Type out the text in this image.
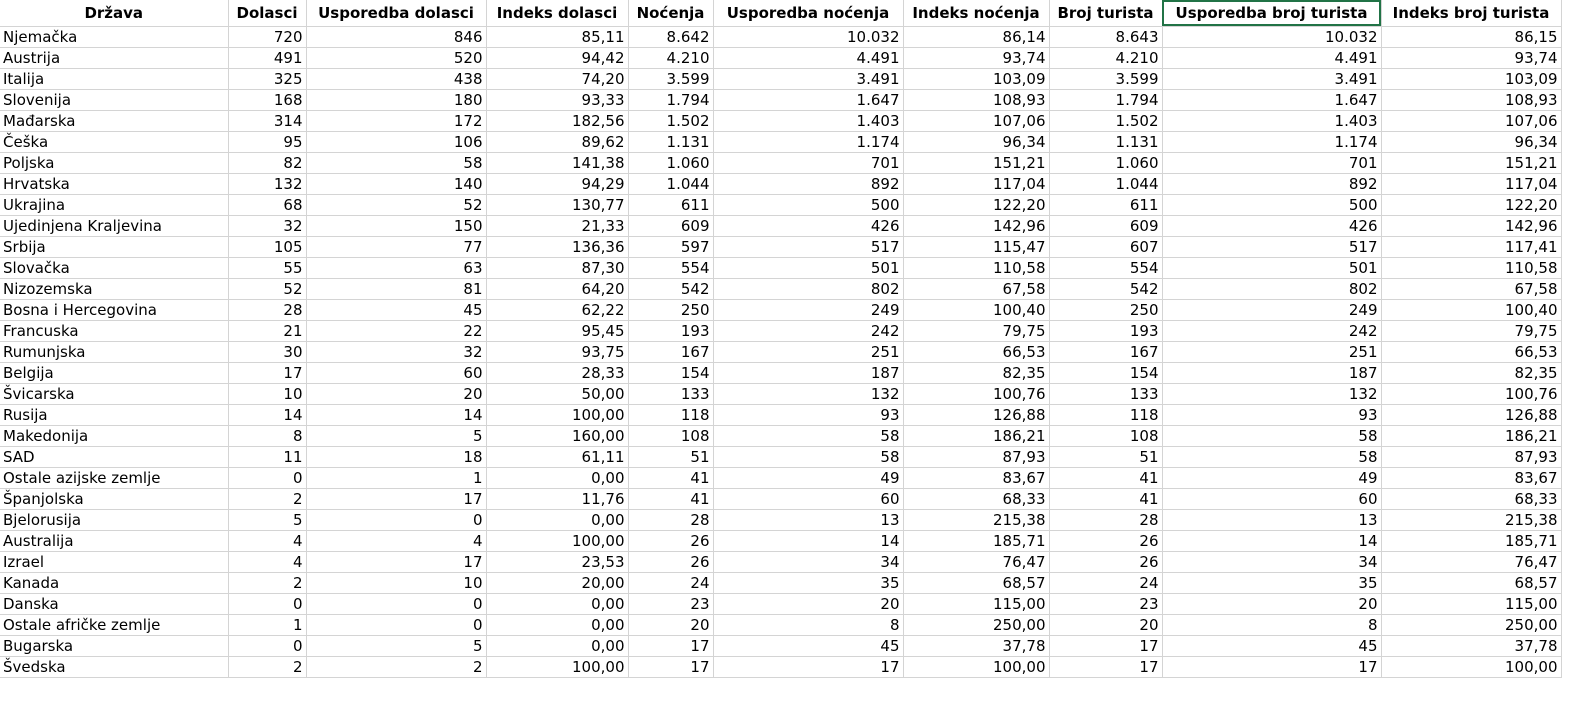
Država	Dolasci	Usporedba dolasci	Indeks dolasci	Noćenja	Usporedba noćenja	Indeks noćenja	Broj turista	Usporedba broj turista	Indeks broj turista
Njemačka	720	846	85,11	8.642	10.032	86,14	8.643	10.032	86,15
Austrija	491	520	94,42	4.210	4.491	93,74	4.210	4.491	93,74
Italija	325	438	74,20	3.599	3.491	103,09	3.599	3.491	103,09
Slovenija	168	180	93,33	1.794	1.647	108,93	1.794	1.647	108,93
Mađarska	314	172	182,56	1.502	1.403	107,06	1.502	1.403	107,06
Češka	95	106	89,62	1.131	1.174	96,34	1.131	1.174	96,34
Poljska	82	58	141,38	1.060	701	151,21	1.060	701	151,21
Hrvatska	132	140	94,29	1.044	892	117,04	1.044	892	117,04
Ukrajina	68	52	130,77	611	500	122,20	611	500	122,20
Ujedinjena Kraljevina	32	150	21,33	609	426	142,96	609	426	142,96
Srbija	105	77	136,36	597	517	115,47	607	517	117,41
Slovačka	55	63	87,30	554	501	110,58	554	501	110,58
Nizozemska	52	81	64,20	542	802	67,58	542	802	67,58
Bosna i Hercegovina	28	45	62,22	250	249	100,40	250	249	100,40
Francuska	21	22	95,45	193	242	79,75	193	242	79,75
Rumunjska	30	32	93,75	167	251	66,53	167	251	66,53
Belgija	17	60	28,33	154	187	82,35	154	187	82,35
Švicarska	10	20	50,00	133	132	100,76	133	132	100,76
Rusija	14	14	100,00	118	93	126,88	118	93	126,88
Makedonija	8	5	160,00	108	58	186,21	108	58	186,21
SAD	11	18	61,11	51	58	87,93	51	58	87,93
Ostale azijske zemlje	0	1	0,00	41	49	83,67	41	49	83,67
Španjolska	2	17	11,76	41	60	68,33	41	60	68,33
Bjelorusija	5	0	0,00	28	13	215,38	28	13	215,38
Australija	4	4	100,00	26	14	185,71	26	14	185,71
Izrael	4	17	23,53	26	34	76,47	26	34	76,47
Kanada	2	10	20,00	24	35	68,57	24	35	68,57
Danska	0	0	0,00	23	20	115,00	23	20	115,00
Ostale afričke zemlje	1	0	0,00	20	8	250,00	20	8	250,00
Bugarska	0	5	0,00	17	45	37,78	17	45	37,78
Švedska	2	2	100,00	17	17	100,00	17	17	100,00
